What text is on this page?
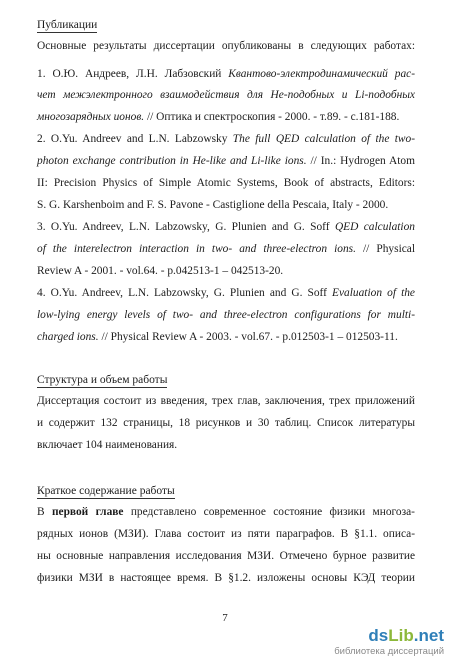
Публикации
Основные результаты диссертации опубликованы в следующих работах:
1. О.Ю. Андреев, Л.Н. Лабзовский Квантово-электродинамический рас-
чет межэлектронного взаимодействия для He-подобных и Li-подобных
многозарядных ионов. // Оптика и спектроскопия - 2000. - т.89. - с.181-188.
2. O.Yu. Andreev and L.N. Labzowsky The full QED calculation of the two-
photon exchange contribution in He-like and Li-like ions. // In.: Hydrogen Atom
II: Precision Physics of Simple Atomic Systems, Book of abstracts, Editors:
S. G. Karshenboim and F. S. Pavone - Castiglione della Pescaia, Italy - 2000.
3. O.Yu. Andreev, L.N. Labzowsky, G. Plunien and G. Soff QED calculation
of the interelectron interaction in two- and three-electron ions. // Physical
Review A - 2001. - vol.64. - p.042513-1 – 042513-20.
4. O.Yu. Andreev, L.N. Labzowsky, G. Plunien and G. Soff Evaluation of the
low-lying energy levels of two- and three-electron configurations for multi-
charged ions. // Physical Review A - 2003. - vol.67. - p.012503-1 – 012503-11.
Структура и объем работы
Диссертация состоит из введения, трех глав, заключения, трех приложений
и содержит 132 страницы, 18 рисунков и 30 таблиц. Список литературы
включает 104 наименования.
Краткое содержание работы
В первой главе представлено современное состояние физики многоза-
рядных ионов (МЗИ). Глава состоит из пяти параграфов. В §1.1. описа-
ны основные направления исследования МЗИ. Отмечено бурное развитие
физики МЗИ в настоящее время. В §1.2. изложены основы КЭД теории
7
dsLib.net
библиотека диссертаций
